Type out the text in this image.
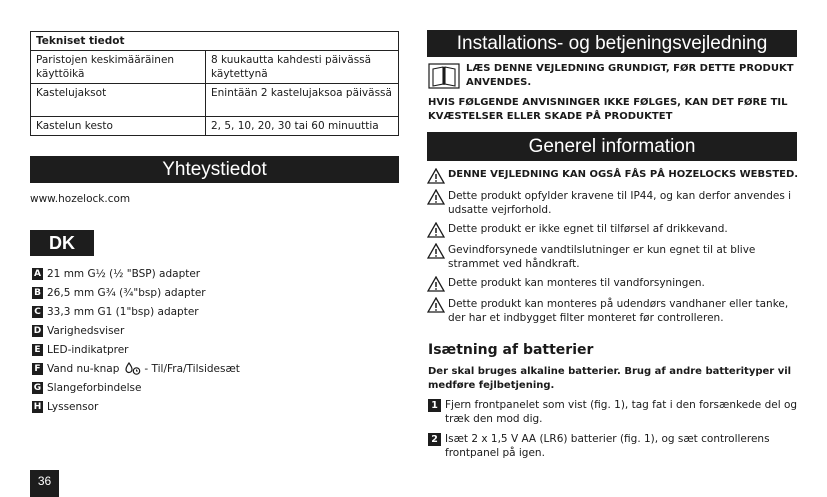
Tekniset tiedot	
Paristojen keskimääräinen käyttöikä	8 kuukautta kahdesti päivässä käytettynä
Kastelujaksot	Enintään 2 kastelujaksoa päivässä
Kastelun kesto	2, 5, 10, 20, 30 tai 60 minuuttia
Yhteystiedot
www.hozelock.com
DK
A 21 mm G½ (½ "BSP) adapter
B 26,5 mm G¾ (¾"bsp) adapter
C 33,3 mm G1 (1"bsp) adapter
D Varighedsviser
E LED-indikatprer
F Vand nu-knap - Til/Fra/Tilsidesæt
G Slangeforbindelse
H Lyssensor
36
Installations- og betjeningsvejledning
LÆS DENNE VEJLEDNING GRUNDIGT, FØR DETTE PRODUKT ANVENDES.
HVIS FØLGENDE ANVISNINGER IKKE FØLGES, KAN DET FØRE TIL KVÆSTELSER ELLER SKADE PÅ PRODUKTET
Generel information
DENNE VEJLEDNING KAN OGSÅ FÅS PÅ HOZELOCKS WEBSTED.
Dette produkt opfylder kravene til IP44, og kan derfor anvendes i udsatte vejrforhold.
Dette produkt er ikke egnet til tilførsel af drikkevand.
Gevindforsynede vandtilslutninger er kun egnet til at blive strammet ved håndkraft.
Dette produkt kan monteres til vandforsyningen.
Dette produkt kan monteres på udendørs vandhaner eller tanke, der har et indbygget filter monteret før controlleren.
Isætning af batterier
Der skal bruges alkaline batterier. Brug af andre batterityper vil medføre fejlbetjening.
1 Fjern frontpanelet som vist (fig. 1), tag fat i den forsænkede del og træk den mod dig.
2 Isæt 2 x 1,5 V AA (LR6) batterier (fig. 1), og sæt controllerens frontpanel på igen.
